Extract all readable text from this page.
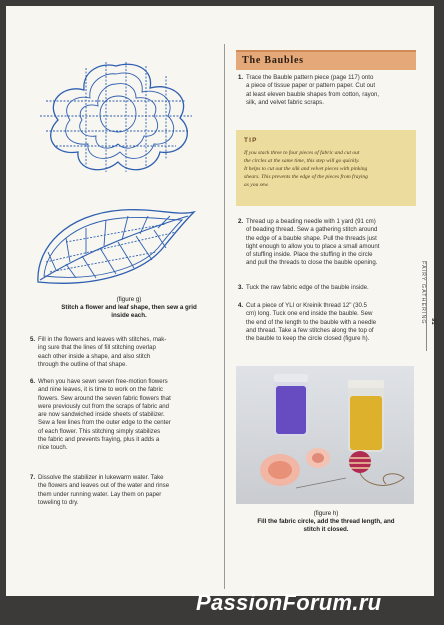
(figure g)
Stitch a flower and leaf shape, then sew a grid
inside each.
5. Fill in the flowers and leaves with stitches, mak-
ing sure that the lines of fill stitching overlap
each other inside a shape, and also stitch
through the outline of that shape.
6. When you have sewn seven free-motion flowers
and nine leaves, it is time to work on the fabric
flowers. Sew around the seven fabric flowers that
were previously cut from the scraps of fabric and
are now sandwiched inside sheets of stabilizer.
Sew a few lines from the outer edge to the center
of each flower. This stitching simply stabilizes
the fabric and prevents fraying, plus it adds a
nice touch.
7. Dissolve the stabilizer in lukewarm water. Take
the flowers and leaves out of the water and rinse
them under running water. Lay them on paper
toweling to dry.
The Baubles
1. Trace the Bauble pattern piece (page 117) onto
a piece of tissue paper or pattern paper. Cut out
at least eleven bauble shapes from cotton, rayon,
silk, and velvet fabric scraps.
TIP
If you stack three to four pieces of fabric and cut out
the circles at the same time, this step will go quickly.
It helps to cut out the silk and velvet pieces with pinking
shears. This prevents the edge of the pieces from fraying
as you sew.
2. Thread up a beading needle with 1 yard (91 cm)
of beading thread. Sew a gathering stitch around
the edge of a bauble shape. Pull the threads just
tight enough to allow you to place a small amount
of stuffing inside. Place the stuffing in the circle
and pull the threads to close the bauble opening.
3. Tuck the raw fabric edge of the bauble inside.
4. Cut a piece of YLI or Kreinik thread 12" (30.5
cm) long. Tuck one end inside the bauble. Sew
the end of the length to the bauble with a needle
and thread. Take a few stitches along the top of
the bauble to keep the circle closed (figure h).
FAIRY GATHERING 91
(figure h)
Fill the fabric circle, add the thread length, and
stitch it closed.
PassionForum.ru
